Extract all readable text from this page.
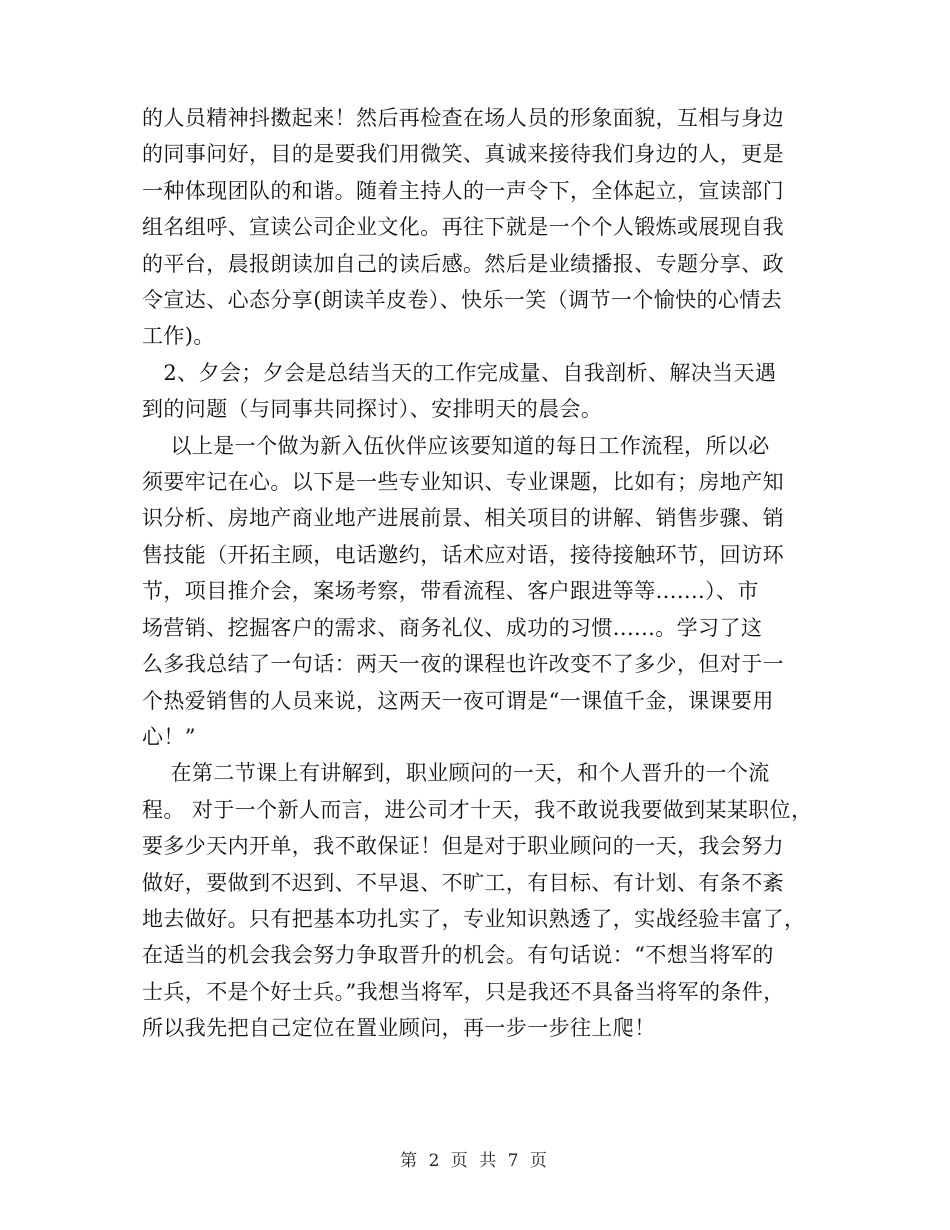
的人员精神抖擞起来！然后再检查在场人员的形象面貌，互相与身边
的同事问好，目的是要我们用微笑、真诚来接待我们身边的人，更是
一种体现团队的和谐。随着主持人的一声令下，全体起立，宣读部门
组名组呼、宣读公司企业文化。再往下就是一个个人锻炼或展现自我
的平台，晨报朗读加自己的读后感。然后是业绩播报、专题分享、政
令宣达、心态分享(朗读羊皮卷）、快乐一笑（调节一个愉快的心情去
工作)。

　2、夕会；夕会是总结当天的工作完成量、自我剖析、解决当天遇
到的问题（与同事共同探讨）、安排明天的晨会。

　 以上是一个做为新入伍伙伴应该要知道的每日工作流程，所以必
须要牢记在心。以下是一些专业知识、专业课题，比如有；房地产知
识分析、房地产商业地产进展前景、相关项目的讲解、销售步骤、销
售技能（开拓主顾，电话邀约，话术应对语，接待接触环节，回访环
节，项目推介会，案场考察，带看流程、客户跟进等等.......）、市
场营销、挖掘客户的需求、商务礼仪、成功的习惯......。学习了这
么多我总结了一句话：两天一夜的课程也许改变不了多少，但对于一
个热爱销售的人员来说，这两天一夜可谓是“一课值千金，课课要用
心！”

　 在第二节课上有讲解到，职业顾问的一天，和个人晋升的一个流
程。 对于一个新人而言，进公司才十天，我不敢说我要做到某某职位，
要多少天内开单，我不敢保证！但是对于职业顾问的一天，我会努力
做好，要做到不迟到、不早退、不旷工，有目标、有计划、有条不紊
地去做好。只有把基本功扎实了，专业知识熟透了，实战经验丰富了，
在适当的机会我会努力争取晋升的机会。有句话说：“不想当将军的
士兵，不是个好士兵。”我想当将军，只是我还不具备当将军的条件，
所以我先把自己定位在置业顾问，再一步一步往上爬！

第 2 页 共 7 页
